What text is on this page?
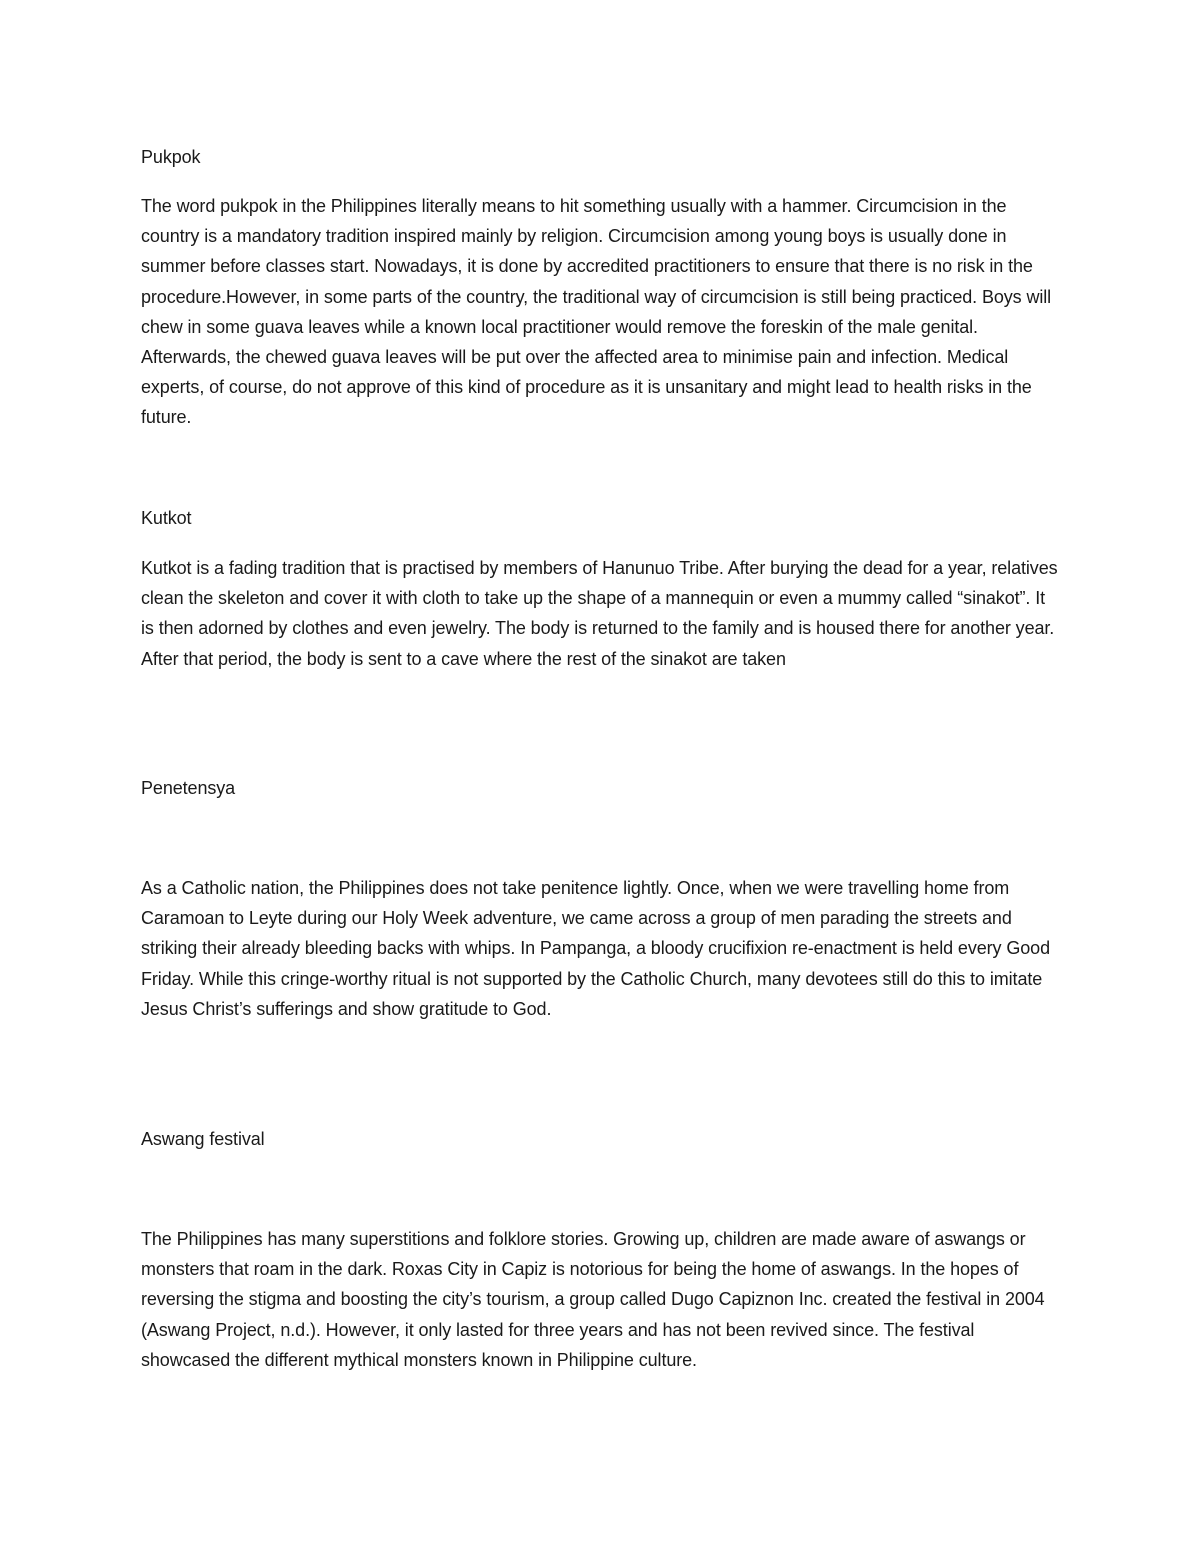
Pukpok

The word pukpok in the Philippines literally means to hit something usually with a hammer. Circumcision in the country is a mandatory tradition inspired mainly by religion. Circumcision among young boys is usually done in summer before classes start. Nowadays, it is done by accredited practitioners to ensure that there is no risk in the procedure.However, in some parts of the country, the traditional way of circumcision is still being practiced. Boys will chew in some guava leaves while a known local practitioner would remove the foreskin of the male genital. Afterwards, the chewed guava leaves will be put over the affected area to minimise pain and infection. Medical experts, of course, do not approve of this kind of procedure as it is unsanitary and might lead to health risks in the future.

Kutkot

Kutkot is a fading tradition that is practised by members of Hanunuo Tribe. After burying the dead for a year, relatives clean the skeleton and cover it with cloth to take up the shape of a mannequin or even a mummy called “sinakot”. It is then adorned by clothes and even jewelry. The body is returned to the family and is housed there for another year. After that period, the body is sent to a cave where the rest of the sinakot are taken

Penetensya

As a Catholic nation, the Philippines does not take penitence lightly. Once, when we were travelling home from Caramoan to Leyte during our Holy Week adventure, we came across a group of men parading the streets and striking their already bleeding backs with whips. In Pampanga, a bloody crucifixion re-enactment is held every Good Friday. While this cringe-worthy ritual is not supported by the Catholic Church, many devotees still do this to imitate Jesus Christ’s sufferings and show gratitude to God.

Aswang festival

The Philippines has many superstitions and folklore stories. Growing up, children are made aware of aswangs or monsters that roam in the dark. Roxas City in Capiz is notorious for being the home of aswangs. In the hopes of reversing the stigma and boosting the city’s tourism, a group called Dugo Capiznon Inc. created the festival in 2004 (Aswang Project, n.d.). However, it only lasted for three years and has not been revived since. The festival showcased the different mythical monsters known in Philippine culture.
